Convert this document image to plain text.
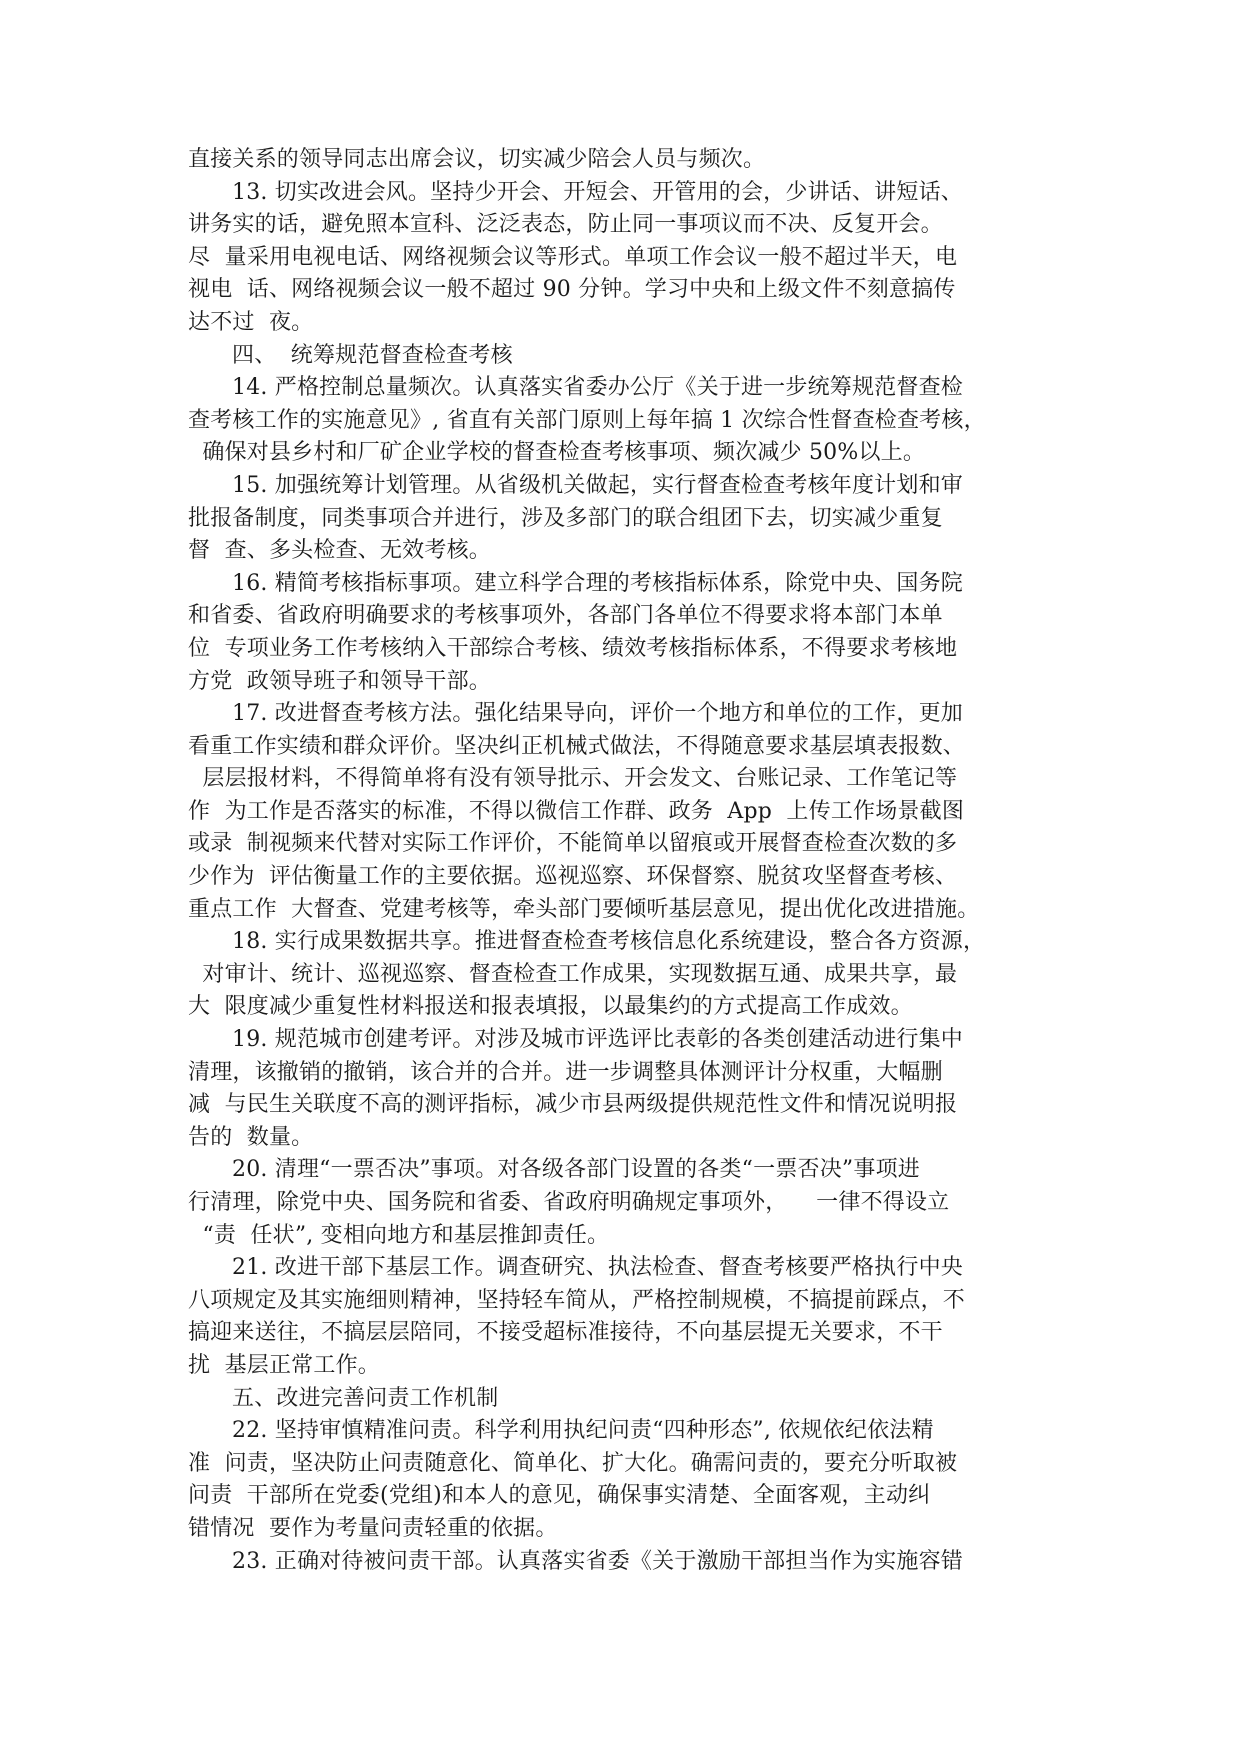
直接关系的领导同志出席会议，切实减少陪会人员与频次。
13. 切实改进会风。坚持少开会、开短会、开管用的会，少讲话、讲短话、
讲务实的话，避免照本宣科、泛泛表态，防止同一事项议而不决、反复开会。
尽  量采用电视电话、网络视频会议等形式。单项工作会议一般不超过半天，电
视电  话、网络视频会议一般不超过 90 分钟。学习中央和上级文件不刻意搞传
达不过  夜。
四、  统筹规范督查检查考核
14. 严格控制总量频次。认真落实省委办公厅《关于进一步统筹规范督查检
查考核工作的实施意见》, 省直有关部门原则上每年搞 1 次综合性督查检查考核，
确保对县乡村和厂矿企业学校的督查检查考核事项、频次减少 50%以上。
15. 加强统筹计划管理。从省级机关做起，实行督查检查考核年度计划和审
批报备制度，同类事项合并进行，涉及多部门的联合组团下去，切实减少重复
督  查、多头检查、无效考核。
16. 精简考核指标事项。建立科学合理的考核指标体系，除党中央、国务院
和省委、省政府明确要求的考核事项外，各部门各单位不得要求将本部门本单
位  专项业务工作考核纳入干部综合考核、绩效考核指标体系，不得要求考核地
方党  政领导班子和领导干部。
17. 改进督查考核方法。强化结果导向，评价一个地方和单位的工作，更加
看重工作实绩和群众评价。坚决纠正机械式做法，不得随意要求基层填表报数、
层层报材料，不得简单将有没有领导批示、开会发文、台账记录、工作笔记等
作  为工作是否落实的标准，不得以微信工作群、政务  App  上传工作场景截图
或录  制视频来代替对实际工作评价，不能简单以留痕或开展督查检查次数的多
少作为  评估衡量工作的主要依据。巡视巡察、环保督察、脱贫攻坚督查考核、
重点工作  大督查、党建考核等，牵头部门要倾听基层意见，提出优化改进措施。
18. 实行成果数据共享。推进督查检查考核信息化系统建设，整合各方资源，
对审计、统计、巡视巡察、督查检查工作成果，实现数据互通、成果共享，最
大  限度减少重复性材料报送和报表填报，以最集约的方式提高工作成效。
19. 规范城市创建考评。对涉及城市评选评比表彰的各类创建活动进行集中
清理，该撤销的撤销，该合并的合并。进一步调整具体测评计分权重，大幅删
减  与民生关联度不高的测评指标，减少市县两级提供规范性文件和情况说明报
告的  数量。
20. 清理“一票否决”事项。对各级各部门设置的各类“一票否决”事项进
行清理，除党中央、国务院和省委、省政府明确规定事项外，    一律不得设立
“责  任状”, 变相向地方和基层推卸责任。
21. 改进干部下基层工作。调查研究、执法检查、督查考核要严格执行中央
八项规定及其实施细则精神，坚持轻车简从，严格控制规模，不搞提前踩点，不
搞迎来送往，不搞层层陪同，不接受超标准接待，不向基层提无关要求，不干
扰  基层正常工作。
五、改进完善问责工作机制
22. 坚持审慎精准问责。科学利用执纪问责“四种形态”, 依规依纪依法精
准  问责，坚决防止问责随意化、简单化、扩大化。确需问责的，要充分听取被
问责  干部所在党委(党组)和本人的意见，确保事实清楚、全面客观，主动纠
错情况  要作为考量问责轻重的依据。
23. 正确对待被问责干部。认真落实省委《关于激励干部担当作为实施容错
